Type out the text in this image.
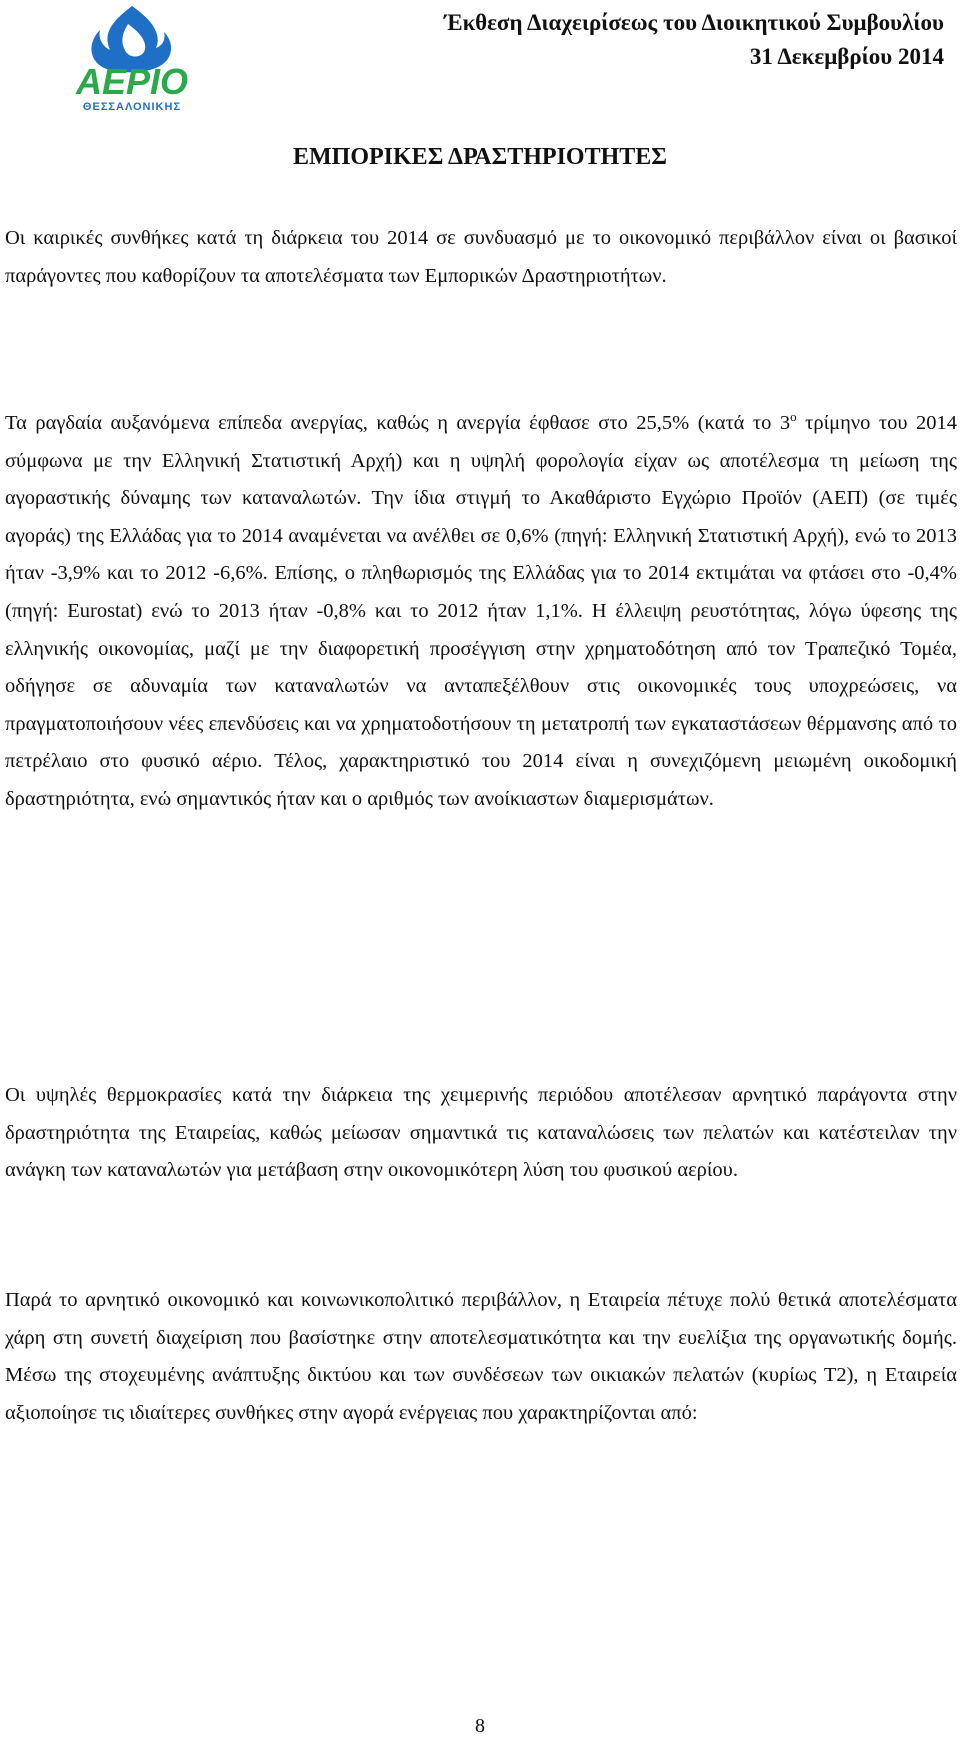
ΑΕΡΙΟ
ΘΕΣΣΑΛΟΝΙΚΗΣ
Έκθεση Διαχειρίσεως του Διοικητικού Συμβουλίου
31 Δεκεμβρίου 2014
ΕΜΠΟΡΙΚΕΣ ΔΡΑΣΤΗΡΙΟΤΗΤΕΣ

Οι καιρικές συνθήκες κατά τη διάρκεια του 2014 σε συνδυασμό με το οικονομικό περιβάλλον είναι οι βασικοί παράγοντες που καθορίζουν τα αποτελέσματα των Εμπορικών Δραστηριοτήτων.

Τα ραγδαία αυξανόμενα επίπεδα ανεργίας, καθώς η ανεργία έφθασε στο 25,5% (κατά το $3^o$ τρίμηνο του 2014 σύμφωνα με την Ελληνική Στατιστική Αρχή) και η υψηλή φορολογία είχαν ως αποτέλεσμα τη μείωση της αγοραστικής δύναμης των καταναλωτών. Την ίδια στιγμή το Ακαθάριστο Εγχώριο Προϊόν (ΑΕΠ) (σε τιμές αγοράς) της Ελλάδας για το 2014 αναμένεται να ανέλθει σε 0,6% (πηγή: Ελληνική Στατιστική Αρχή), ενώ το 2013 ήταν -3,9% και το 2012 -6,6%. Επίσης, ο πληθωρισμός της Ελλάδας για το 2014 εκτιμάται να φτάσει στο -0,4% (πηγή: Eurostat) ενώ το 2013 ήταν -0,8% και το 2012 ήταν 1,1%. Η έλλειψη ρευστότητας, λόγω ύφεσης της ελληνικής οικονομίας, μαζί με την διαφορετική προσέγγιση στην χρηματοδότηση από τον Τραπεζικό Τομέα, οδήγησε σε αδυναμία των καταναλωτών να ανταπεξέλθουν στις οικονομικές τους υποχρεώσεις, να πραγματοποιήσουν νέες επενδύσεις και να χρηματοδοτήσουν τη μετατροπή των εγκαταστάσεων θέρμανσης από το πετρέλαιο στο φυσικό αέριο. Τέλος, χαρακτηριστικό του 2014 είναι η συνεχιζόμενη μειωμένη οικοδομική δραστηριότητα, ενώ σημαντικός ήταν και ο αριθμός των ανοίκιαστων διαμερισμάτων.

Οι υψηλές θερμοκρασίες κατά την διάρκεια της χειμερινής περιόδου αποτέλεσαν αρνητικό παράγοντα στην δραστηριότητα της Εταιρείας, καθώς μείωσαν σημαντικά τις καταναλώσεις των πελατών και κατέστειλαν την ανάγκη των καταναλωτών για μετάβαση στην οικονομικότερη λύση του φυσικού αερίου.

Παρά το αρνητικό οικονομικό και κοινωνικοπολιτικό περιβάλλον, η Εταιρεία πέτυχε πολύ θετικά αποτελέσματα χάρη στη συνετή διαχείριση που βασίστηκε στην αποτελεσματικότητα και την ευελίξια της οργανωτικής δομής. Μέσω της στοχευμένης ανάπτυξης δικτύου και των συνδέσεων των οικιακών πελατών (κυρίως Τ2), η Εταιρεία αξιοποίησε τις ιδιαίτερες συνθήκες στην αγορά ενέργειας που χαρακτηρίζονται από:

8
